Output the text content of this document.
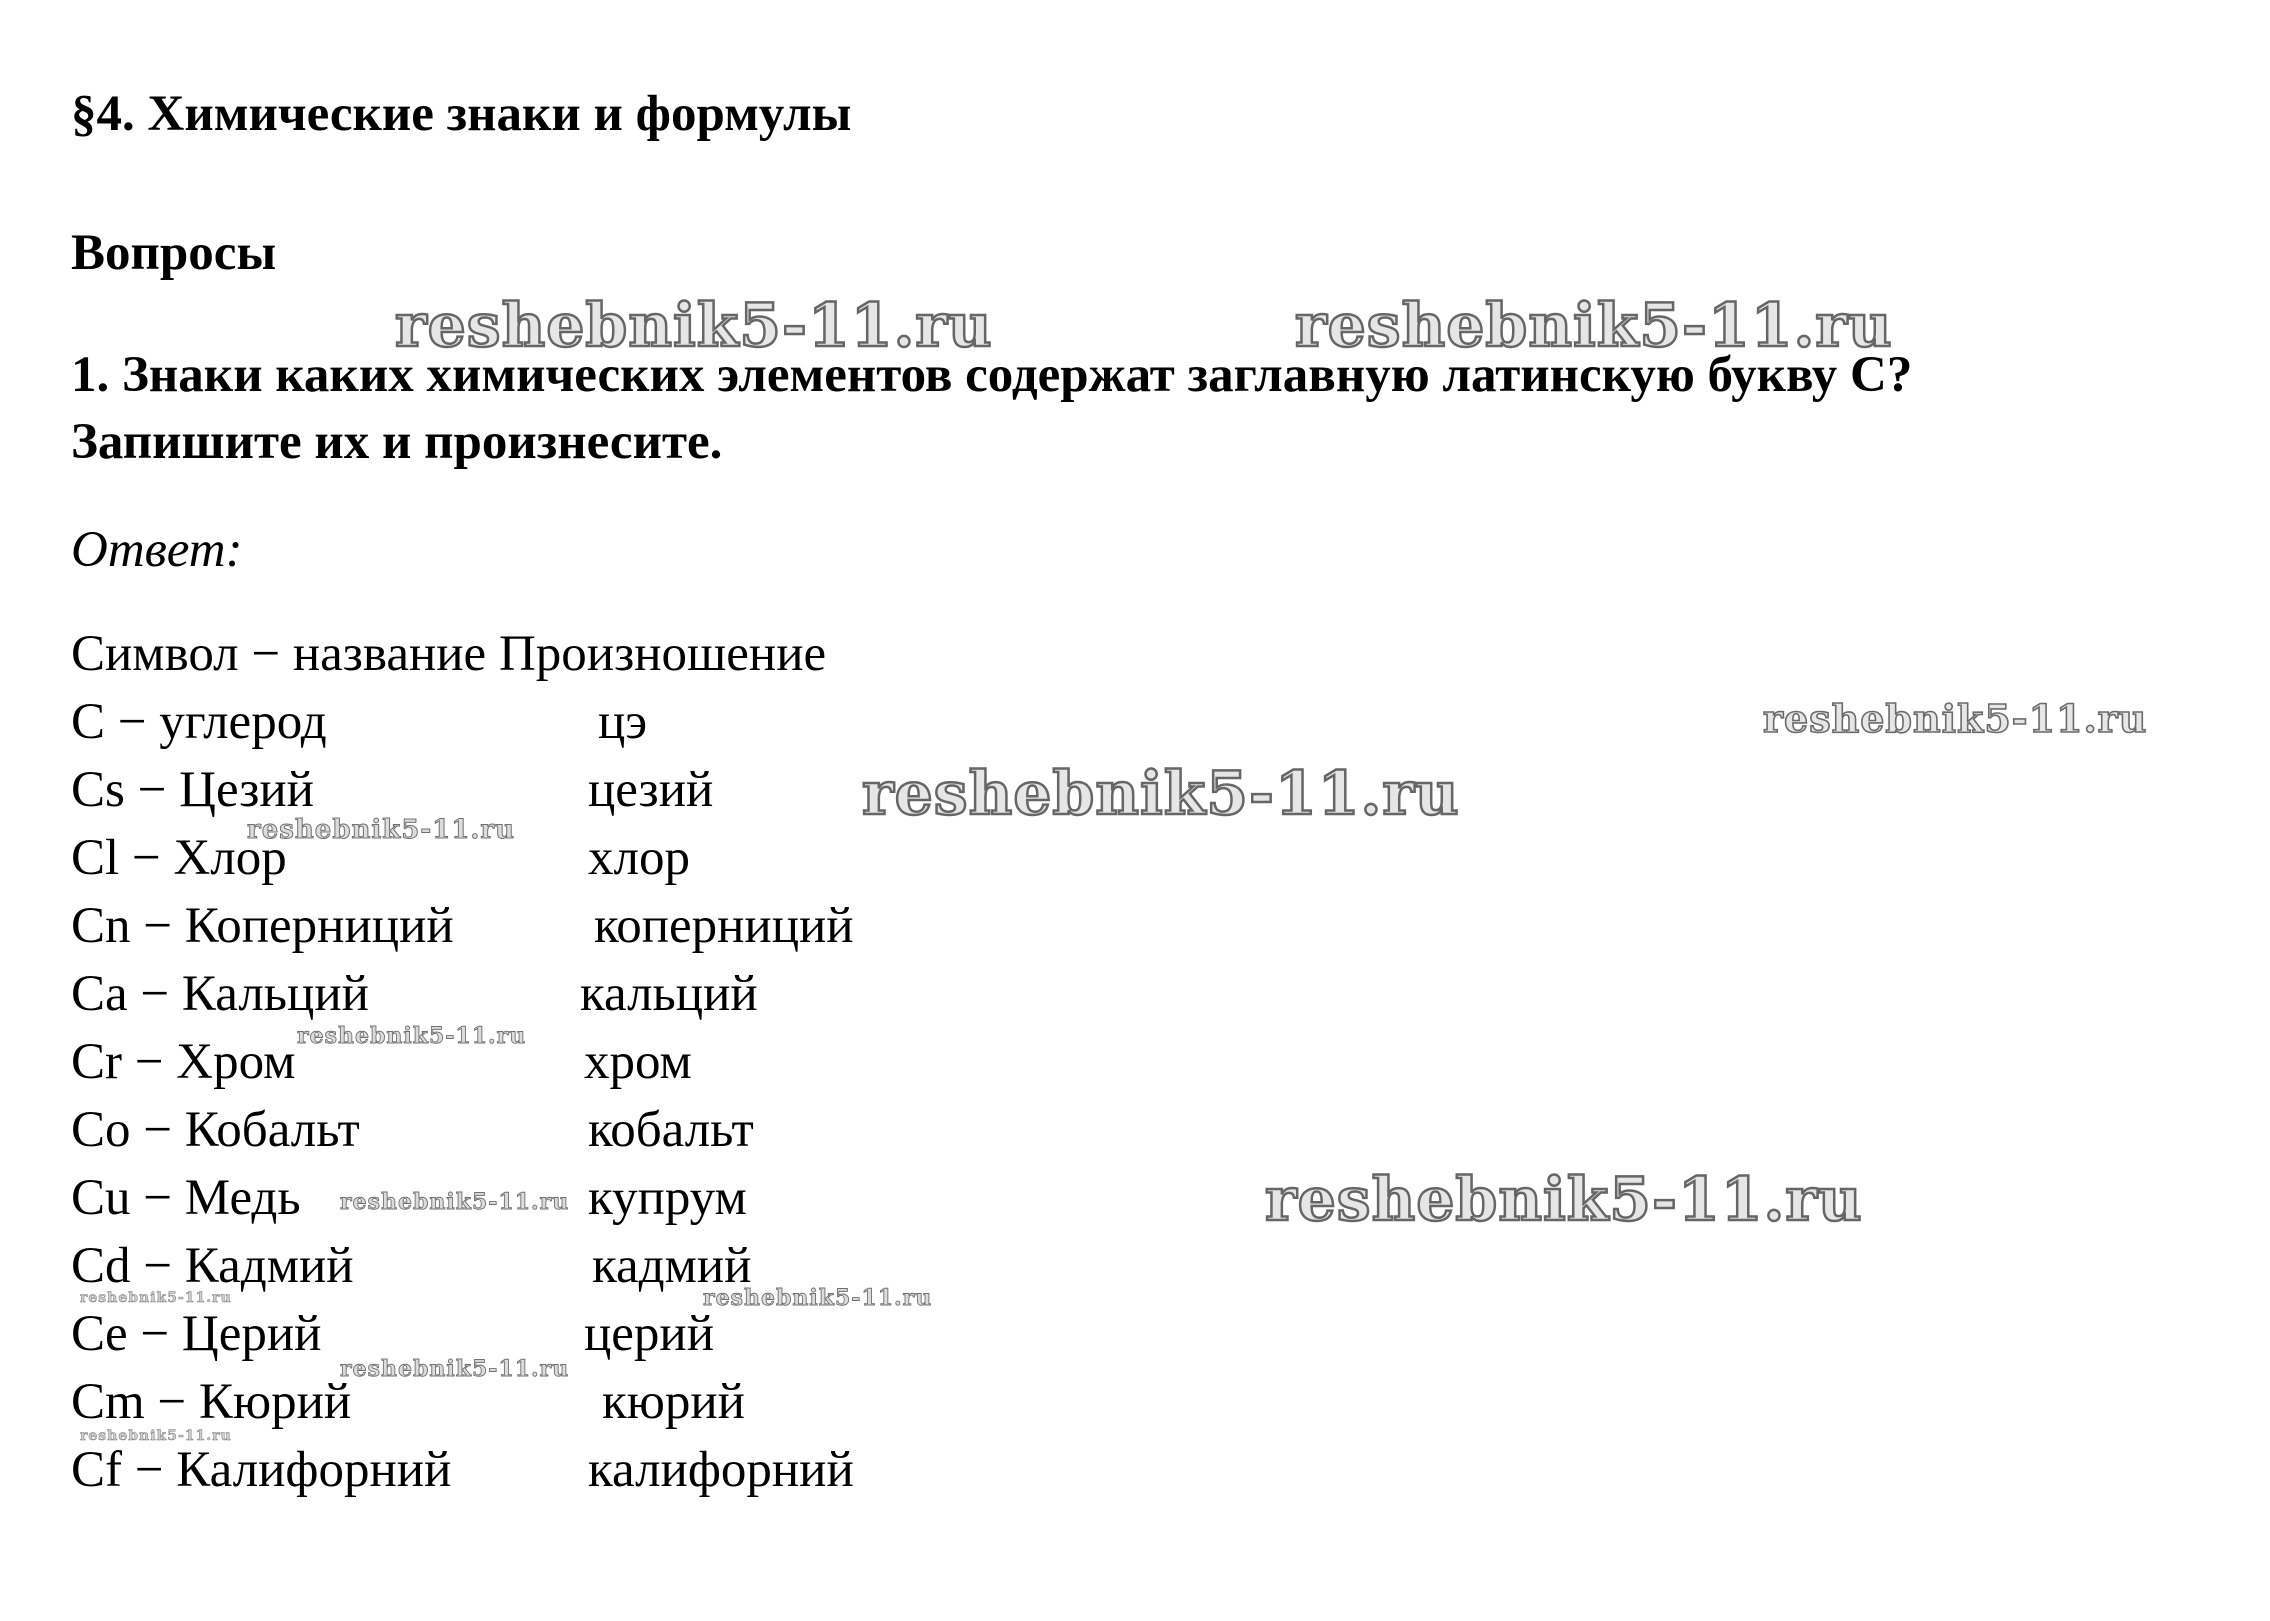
§4. Химические знаки и формулы
Вопросы
1. Знаки каких химических элементов содержат заглавную латинскую букву С?
Запишите их и произнесите.
Ответ:
Символ − название Произношение
C − углерод	цэ
Cs − Цезий	цезий
Cl − Хлор	хлор
Cn − Коперниций	коперниций
Ca − Кальций	кальций
Cr − Хром	хром
Co − Кобальт	кобальт
Cu − Медь	купрум
Cd − Кадмий	кадмий
Ce − Церий	церий
Cm − Кюрий	кюрий
Cf − Калифорний	калифорний
reshebnik5-11.ru	reshebnik5-11.ru
reshebnik5-11.ru
reshebnik5-11.ru
reshebnik5-11.ru
reshebnik5-11.ru
reshebnik5-11.ru
reshebnik5-11.ru
reshebnik5-11.ru
reshebnik5-11.ru
reshebnik5-11.ru
reshebnik5-11.ru
